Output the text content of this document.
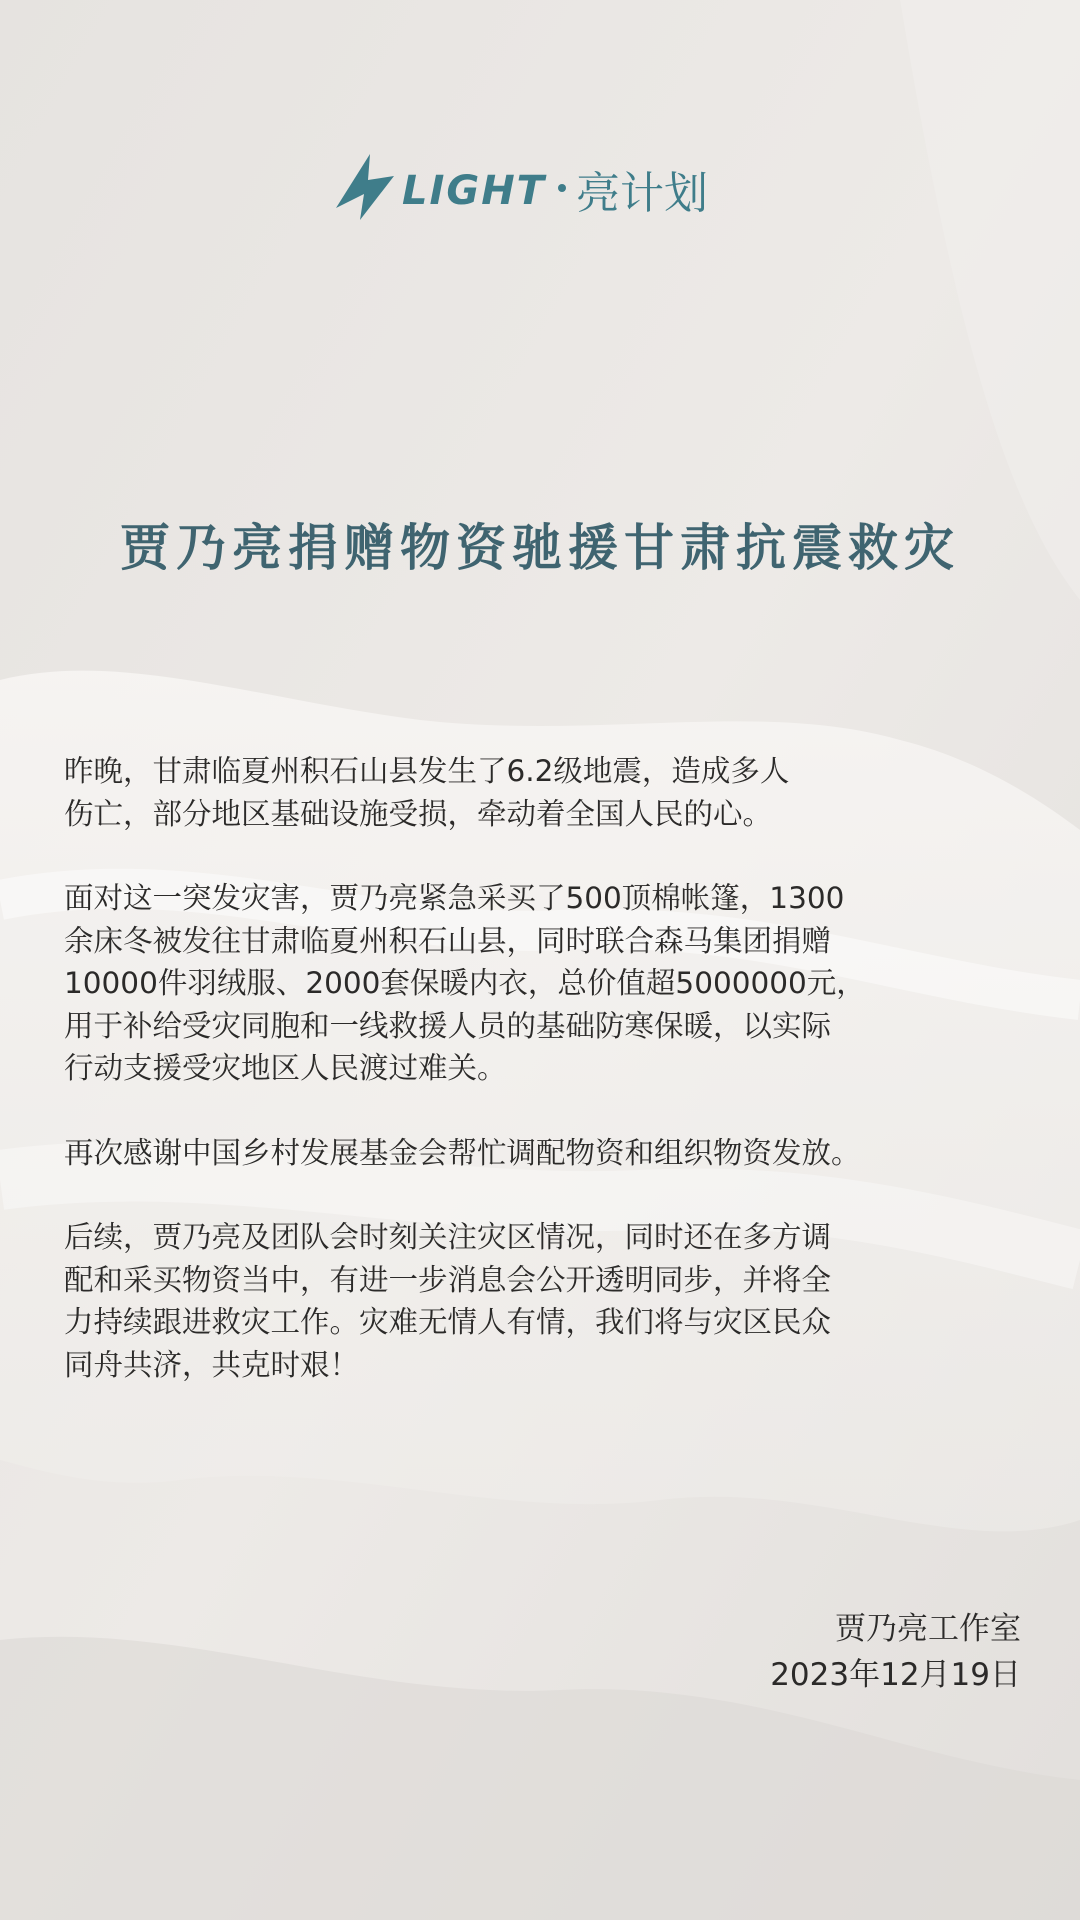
LIGHT 亮计划
贾乃亮捐赠物资驰援甘肃抗震救灾

昨晚，甘肃临夏州积石山县发生了6.2级地震，造成多人
伤亡，部分地区基础设施受损，牵动着全国人民的心。

面对这一突发灾害，贾乃亮紧急采买了500顶棉帐篷，1300
余床冬被发往甘肃临夏州积石山县，同时联合森马集团捐赠
10000件羽绒服、2000套保暖内衣，总价值超5000000元，
用于补给受灾同胞和一线救援人员的基础防寒保暖，以实际
行动支援受灾地区人民渡过难关。

再次感谢中国乡村发展基金会帮忙调配物资和组织物资发放。

后续，贾乃亮及团队会时刻关注灾区情况，同时还在多方调
配和采买物资当中，有进一步消息会公开透明同步，并将全
力持续跟进救灾工作。灾难无情人有情，我们将与灾区民众
同舟共济，共克时艰！

贾乃亮工作室
2023年12月19日
